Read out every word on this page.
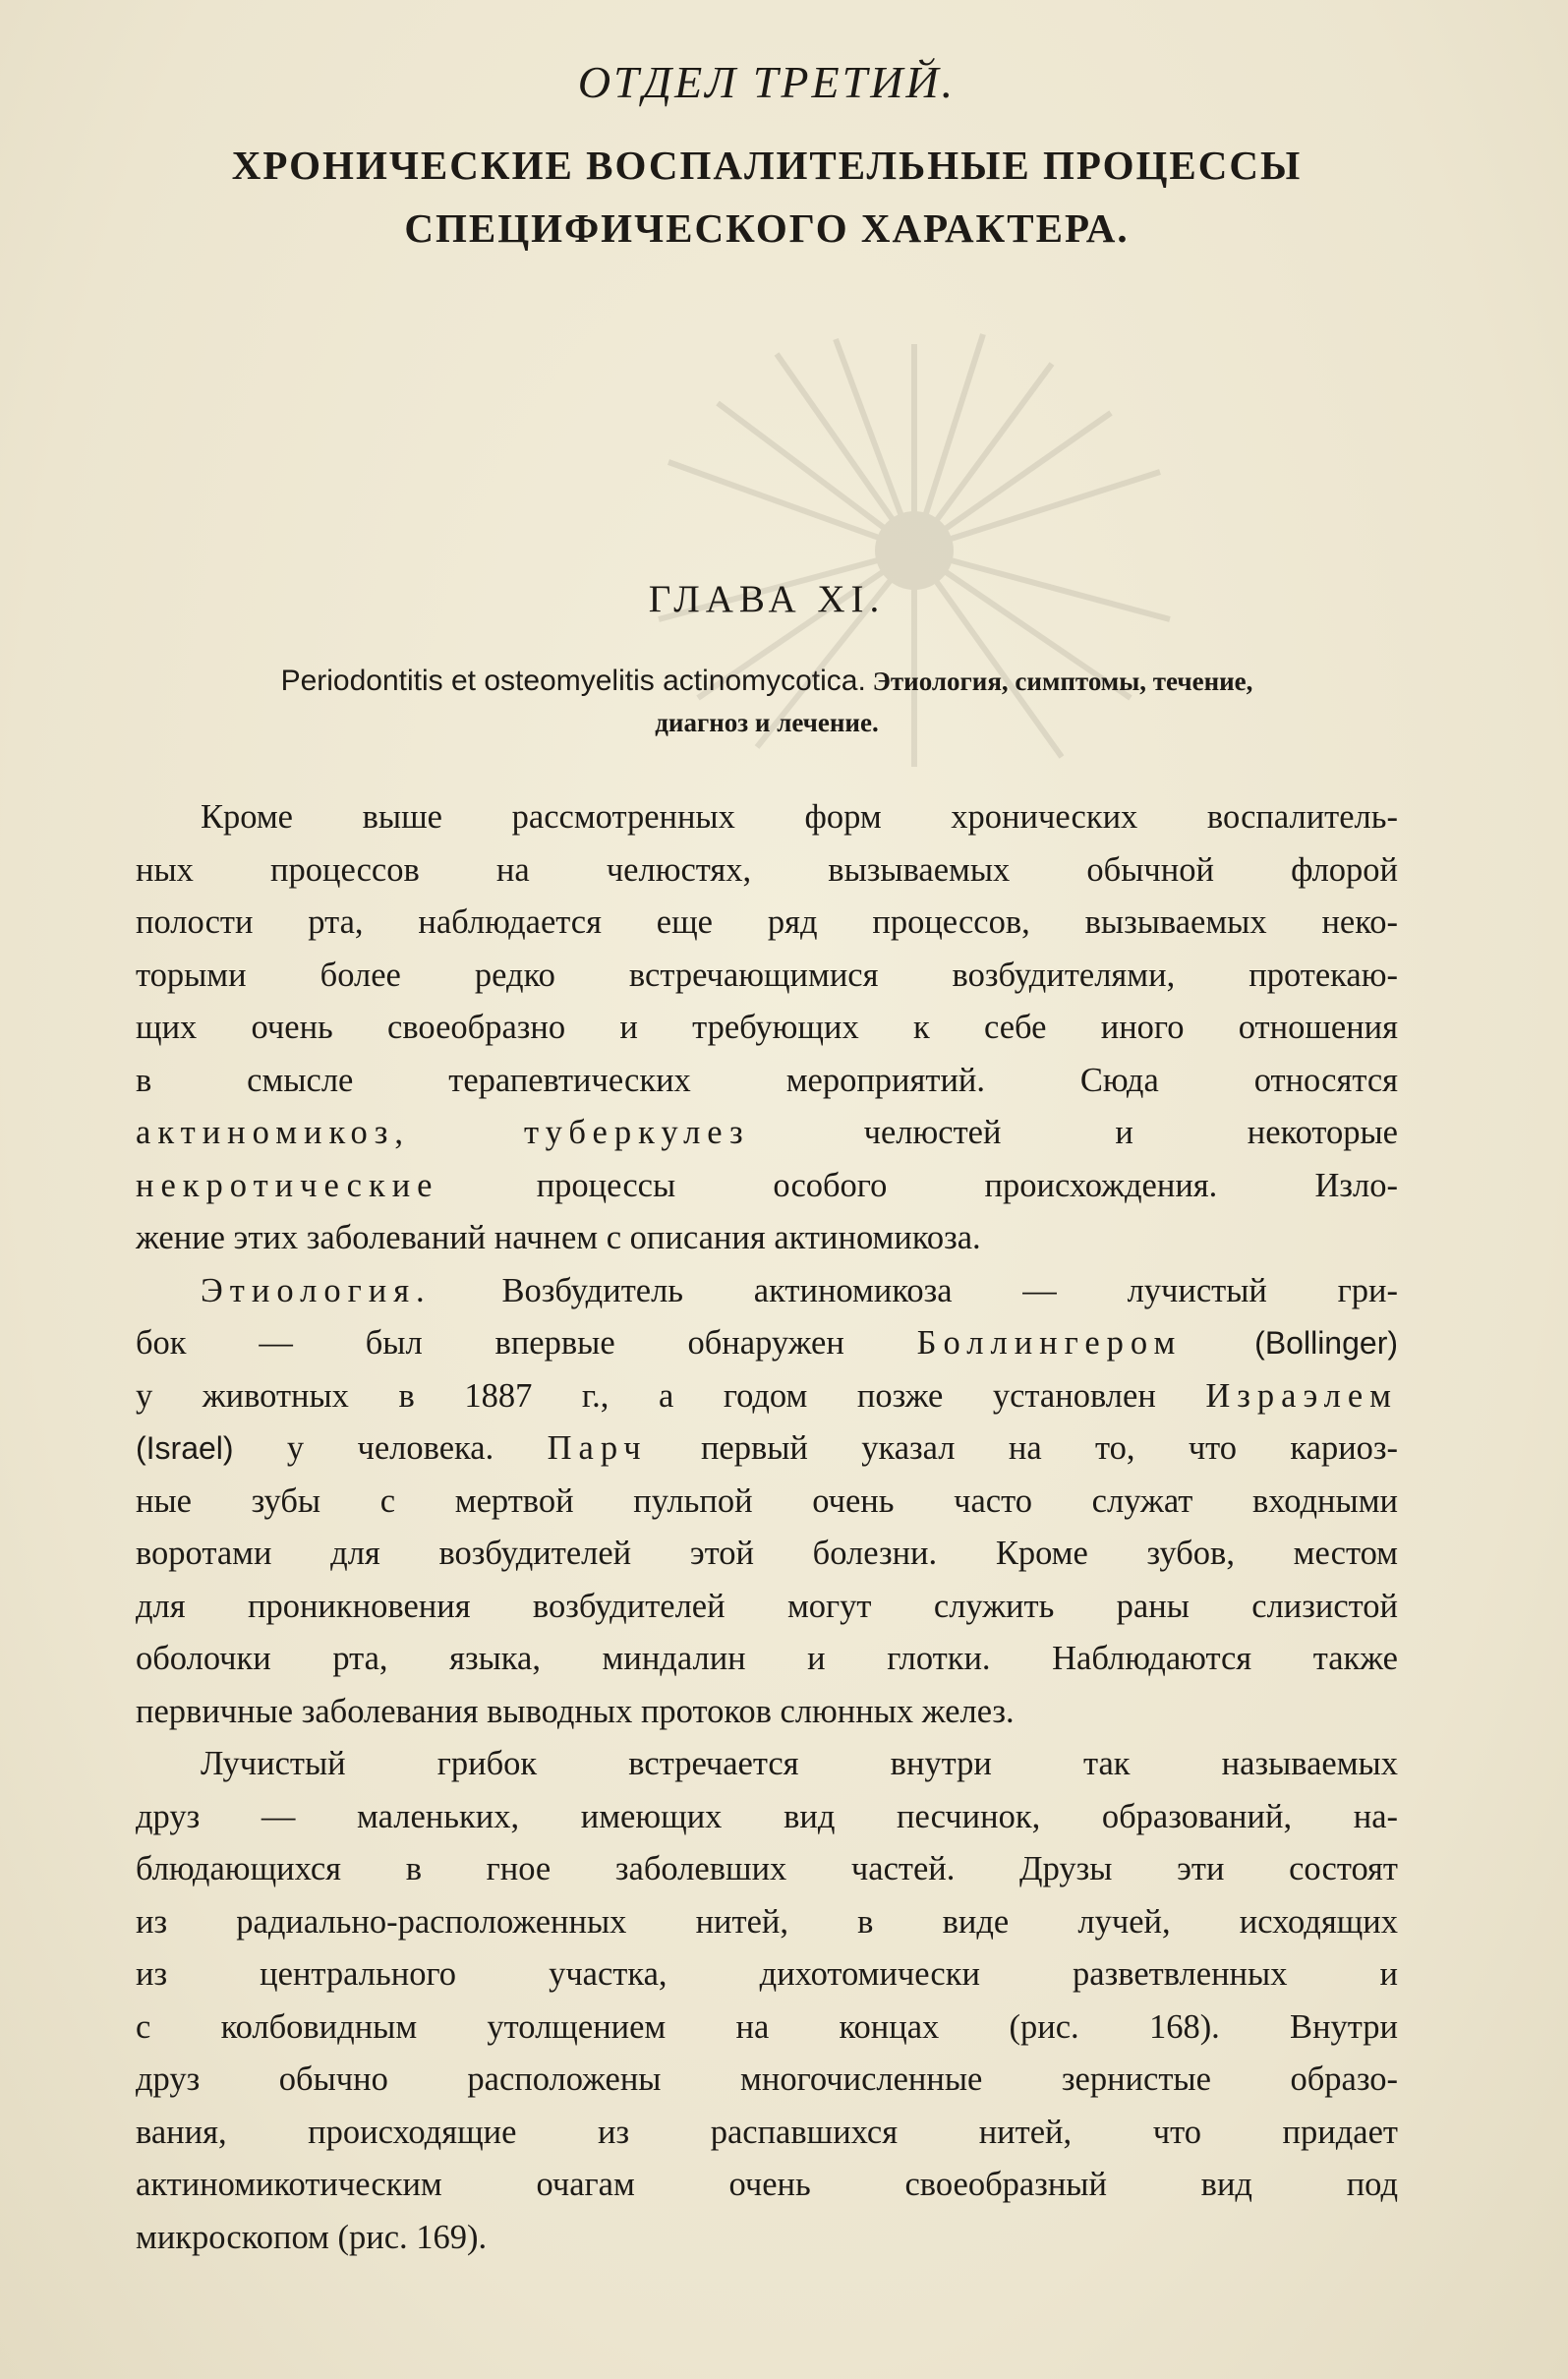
ОТДЕЛ ТРЕТИЙ.
ХРОНИЧЕСКИЕ ВОСПАЛИТЕЛЬНЫЕ ПРОЦЕССЫ
СПЕЦИФИЧЕСКОГО ХАРАКТЕРА.
ГЛАВА XI.
Periodontitis et osteomyelitis actinomycotica. Этиология, симптомы, течение,
диагноз и лечение.
Кроме выше рассмотренных форм хронических воспалитель-
ных процессов на челюстях, вызываемых обычной флорой
полости рта, наблюдается еще ряд процессов, вызываемых неко-
торыми более редко встречающимися возбудителями, протекаю-
щих очень своеобразно и требующих к себе иного отношения
в смысле терапевтических мероприятий. Сюда относятся
актиномикоз,	туберкулез	челюстей и некоторые
некротические	процессы особого происхождения. Изло-
жение этих заболеваний начнем с описания актиномикоза.
Этиология. Возбудитель актиномикоза — лучистый гри-
бок — был впервые обнаружен Боллингером (Bollinger)
у животных в 1887 г., а годом позже установлен Израэлем
(Israel) у человека. Парч первый указал на то, что кариоз-
ные зубы с мертвой пульпой очень часто служат входными
воротами для возбудителей этой болезни. Кроме зубов, местом
для проникновения возбудителей могут служить раны слизистой
оболочки рта, языка, миндалин и глотки. Наблюдаются также
первичные заболевания выводных протоков слюнных желез.
Лучистый грибок встречается внутри так называемых
друз — маленьких, имеющих вид песчинок, образований, на-
блюдающихся в гное заболевших частей. Друзы эти состоят
из радиально-расположенных нитей, в виде лучей, исходящих
из центрального участка, дихотомически разветвленных и
с колбовидным утолщением на концах (рис. 168). Внутри
друз обычно расположены многочисленные зернистые образо-
вания, происходящие из распавшихся нитей, что придает
актиномикотическим очагам очень своеобразный вид под
микроскопом (рис. 169).
